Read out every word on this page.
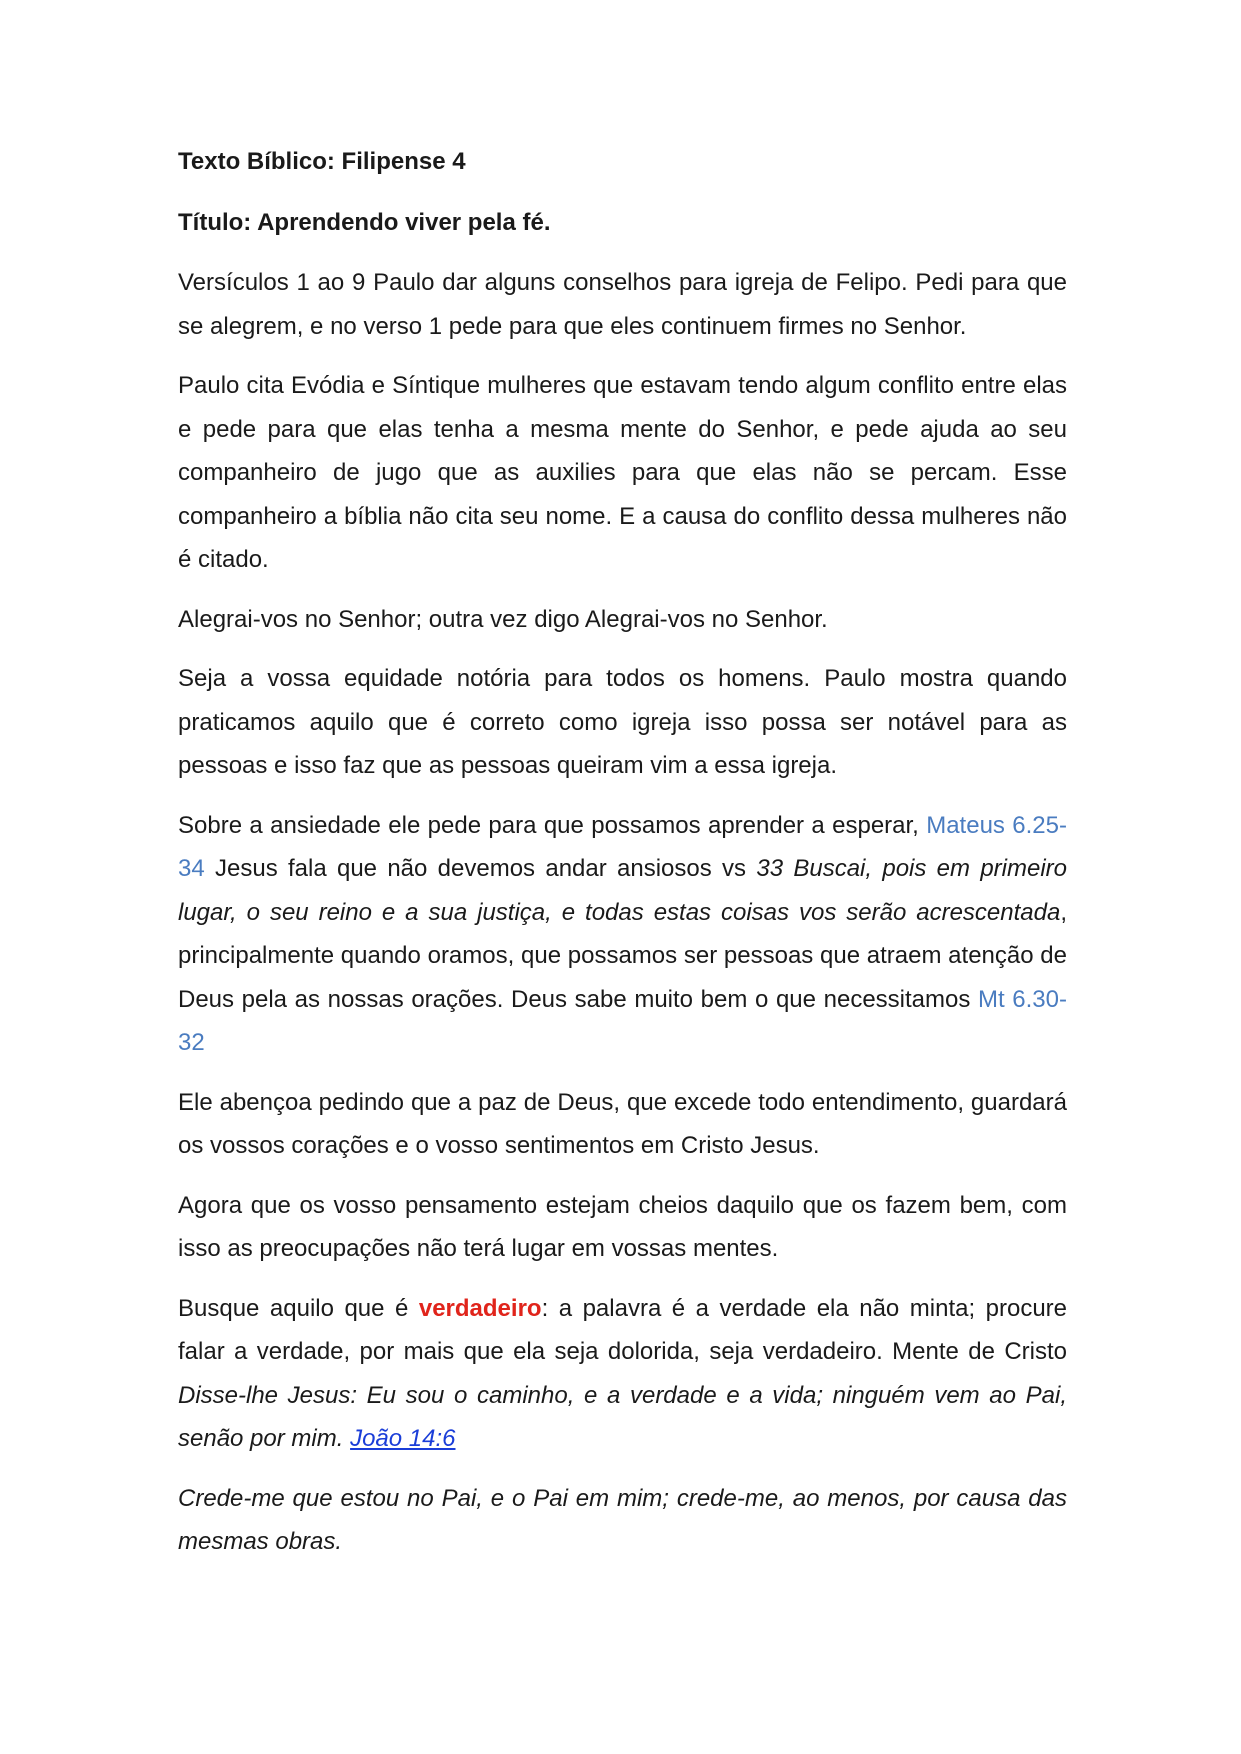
Texto Bíblico: Filipense 4

Título: Aprendendo viver pela fé.

Versículos 1 ao 9 Paulo dar alguns conselhos para igreja de Felipo. Pedi para que se alegrem, e no verso 1 pede para que eles continuem firmes no Senhor.

Paulo cita Evódia e Síntique mulheres que estavam tendo algum conflito entre elas e pede para que elas tenha a mesma mente do Senhor, e pede ajuda ao seu companheiro de jugo que as auxilies para que elas não se percam. Esse companheiro a bíblia não cita seu nome. E a causa do conflito dessa mulheres não é citado.

Alegrai-vos no Senhor; outra vez digo Alegrai-vos no Senhor.

Seja a vossa equidade notória para todos os homens. Paulo mostra quando praticamos aquilo que é correto como igreja isso possa ser notável para as pessoas e isso faz que as pessoas queiram vim a essa igreja.

Sobre a ansiedade ele pede para que possamos aprender a esperar, Mateus 6.25-34 Jesus fala que não devemos andar ansiosos vs 33 Buscai, pois em primeiro lugar, o seu reino e a sua justiça, e todas estas coisas vos serão acrescentada, principalmente quando oramos, que possamos ser pessoas que atraem atenção de Deus pela as nossas orações. Deus sabe muito bem o que necessitamos Mt 6.30-32

Ele abençoa pedindo que a paz de Deus, que excede todo entendimento, guardará os vossos corações e o vosso sentimentos em Cristo Jesus.

Agora que os vosso pensamento estejam cheios daquilo que os fazem bem, com isso as preocupações não terá lugar em vossas mentes.

Busque aquilo que é verdadeiro: a palavra é a verdade ela não minta; procure falar a verdade, por mais que ela seja dolorida, seja verdadeiro. Mente de Cristo Disse-lhe Jesus: Eu sou o caminho, e a verdade e a vida; ninguém vem ao Pai, senão por mim. João 14:6

Crede-me que estou no Pai, e o Pai em mim; crede-me, ao menos, por causa das mesmas obras.
